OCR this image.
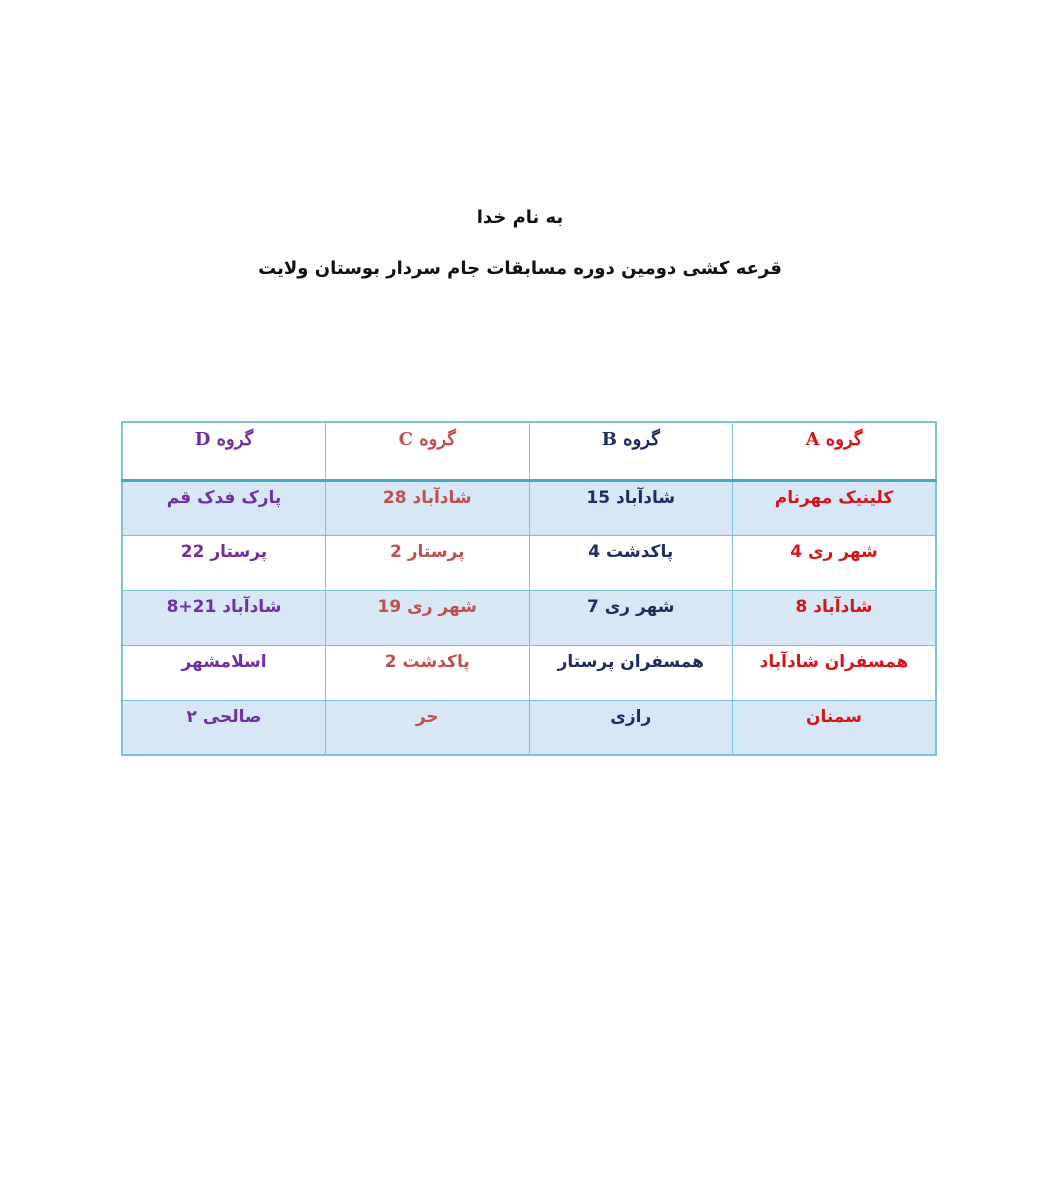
به نام خدا
قرعه کشی دومین دوره مسابقات جام سردار بوستان ولایت
گروه A	گروه B	گروه C	گروه D
کلینیک مهرنام	شادآباد 15	شادآباد 28	پارک فدک قم
شهر ری 4	پاکدشت 4	پرستار 2	پرستار 22
شادآباد 8	شهر ری 7	شهر ری 19	شادآباد 21+8
همسفران شادآباد	همسفران پرستار	پاکدشت 2	اسلامشهر
سمنان	رازی	حر	صالحی ۲
